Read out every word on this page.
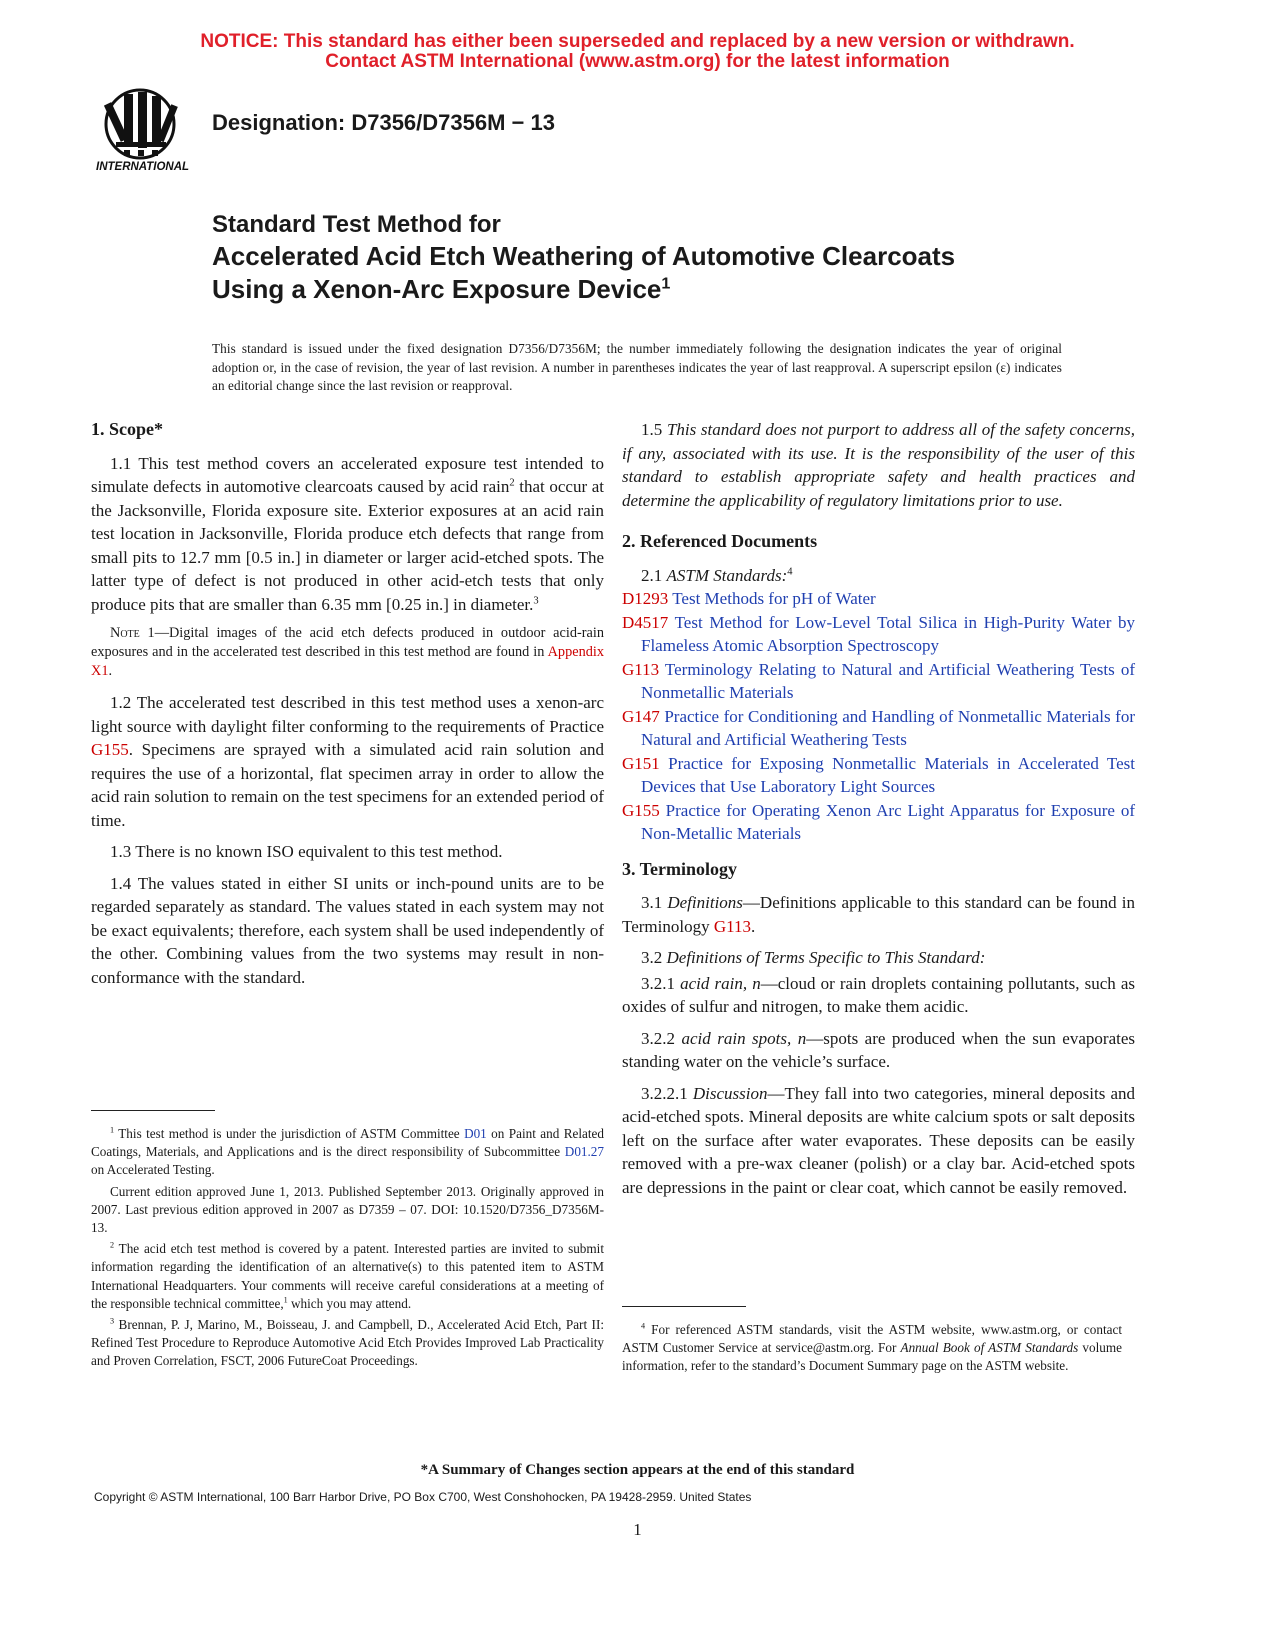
NOTICE: This standard has either been superseded and replaced by a new version or withdrawn.
Contact ASTM International (www.astm.org) for the latest information
INTERNATIONAL
Designation: D7356/D7356M − 13
Standard Test Method for
Accelerated Acid Etch Weathering of Automotive Clearcoats
Using a Xenon-Arc Exposure Device$^1$
This standard is issued under the fixed designation D7356/D7356M; the number immediately following the designation indicates the year of original adoption or, in the case of revision, the year of last revision. A number in parentheses indicates the year of last reapproval. A superscript epsilon (ε) indicates an editorial change since the last revision or reapproval.
1. Scope*

1.1 This test method covers an accelerated exposure test intended to simulate defects in automotive clearcoats caused by acid rain$^2$ that occur at the Jacksonville, Florida exposure site. Exterior exposures at an acid rain test location in Jacksonville, Florida produce etch defects that range from small pits to 12.7 mm [0.5 in.] in diameter or larger acid-etched spots. The latter type of defect is not produced in other acid-etch tests that only produce pits that are smaller than 6.35 mm [0.25 in.] in diameter.$^3$

Note 1—Digital images of the acid etch defects produced in outdoor acid-rain exposures and in the accelerated test described in this test method are found in Appendix X1.

1.2 The accelerated test described in this test method uses a xenon-arc light source with daylight filter conforming to the requirements of Practice G155. Specimens are sprayed with a simulated acid rain solution and requires the use of a horizontal, flat specimen array in order to allow the acid rain solution to remain on the test specimens for an extended period of time.

1.3 There is no known ISO equivalent to this test method.

1.4 The values stated in either SI units or inch-pound units are to be regarded separately as standard. The values stated in each system may not be exact equivalents; therefore, each system shall be used independently of the other. Combining values from the two systems may result in non-conformance with the standard.

$^1$ This test method is under the jurisdiction of ASTM Committee D01 on Paint and Related Coatings, Materials, and Applications and is the direct responsibility of Subcommittee D01.27 on Accelerated Testing.

Current edition approved June 1, 2013. Published September 2013. Originally approved in 2007. Last previous edition approved in 2007 as D7359 – 07. DOI: 10.1520/D7356_D7356M-13.

$^2$ The acid etch test method is covered by a patent. Interested parties are invited to submit information regarding the identification of an alternative(s) to this patented item to ASTM International Headquarters. Your comments will receive careful considerations at a meeting of the responsible technical committee,$^1$ which you may attend.

$^3$ Brennan, P. J, Marino, M., Boisseau, J. and Campbell, D., Accelerated Acid Etch, Part II: Refined Test Procedure to Reproduce Automotive Acid Etch Provides Improved Lab Practicality and Proven Correlation, FSCT, 2006 FutureCoat Proceedings.

1.5 This standard does not purport to address all of the safety concerns, if any, associated with its use. It is the responsibility of the user of this standard to establish appropriate safety and health practices and determine the applicability of regulatory limitations prior to use.

2. Referenced Documents

2.1 ASTM Standards:$^4$

D1293 Test Methods for pH of Water
D4517 Test Method for Low-Level Total Silica in High-Purity Water by Flameless Atomic Absorption Spectroscopy
G113 Terminology Relating to Natural and Artificial Weathering Tests of Nonmetallic Materials
G147 Practice for Conditioning and Handling of Nonmetallic Materials for Natural and Artificial Weathering Tests
G151 Practice for Exposing Nonmetallic Materials in Accelerated Test Devices that Use Laboratory Light Sources
G155 Practice for Operating Xenon Arc Light Apparatus for Exposure of Non-Metallic Materials
3. Terminology

3.1 Definitions—Definitions applicable to this standard can be found in Terminology G113.

3.2 Definitions of Terms Specific to This Standard:

3.2.1 acid rain, n—cloud or rain droplets containing pollutants, such as oxides of sulfur and nitrogen, to make them acidic.

3.2.2 acid rain spots, n—spots are produced when the sun evaporates standing water on the vehicle’s surface.

3.2.2.1 Discussion—They fall into two categories, mineral deposits and acid-etched spots. Mineral deposits are white calcium spots or salt deposits left on the surface after water evaporates. These deposits can be easily removed with a pre-wax cleaner (polish) or a clay bar. Acid-etched spots are depressions in the paint or clear coat, which cannot be easily removed.

$^4$ For referenced ASTM standards, visit the ASTM website, www.astm.org, or contact ASTM Customer Service at service@astm.org. For Annual Book of ASTM Standards volume information, refer to the standard’s Document Summary page on the ASTM website.

*A Summary of Changes section appears at the end of this standard
Copyright © ASTM International, 100 Barr Harbor Drive, PO Box C700, West Conshohocken, PA 19428-2959. United States
1
